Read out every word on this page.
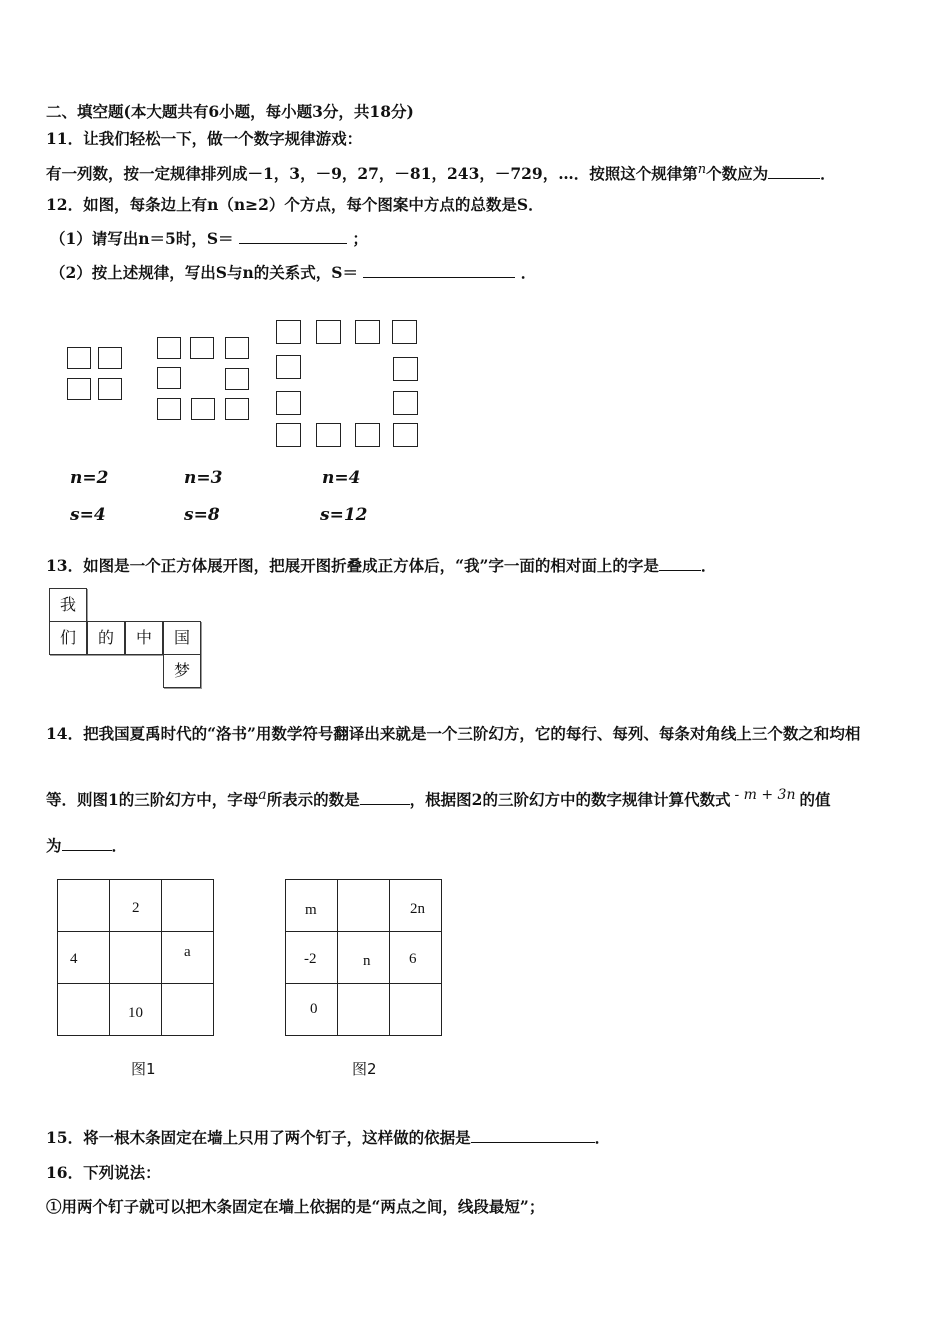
二、填空题(本大题共有6小题，每小题3分，共18分)
11．让我们轻松一下，做一个数字规律游戏：
有一列数，按一定规律排列成－1，3，－9，27，－81，243，－729，…．按照这个规律第$^n$个数应为	．
12．如图，每条边上有n（n≥2）个方点，每个图案中方点的总数是S．
（1）请写出n＝5时，S＝	；
（2）按上述规律，写出S与n的关系式，S＝	．
n=2	n=3	n=4
s=4	s=8	s=12
13．如图是一个正方体展开图，把展开图折叠成正方体后，“我”字一面的相对面上的字是	．
我
们	的	中	国
梦
14．把我国夏禹时代的“洛书”用数学符号翻译出来就是一个三阶幻方，它的每行、每列、每条对角线上三个数之和均相
等．则图1的三阶幻方中，字母$^a$所表示的数是	，根据图2的三阶幻方中的数字规律计算代数式 $^{- m + 3n}$ 的值
为	．

	2	

4		a

	10	

图1
m		2n

-2	n	6

0		

图2
15．将一根木条固定在墙上只用了两个钉子，这样做的依据是	．
16．下列说法：
①用两个钉子就可以把木条固定在墙上依据的是“两点之间，线段最短”；
